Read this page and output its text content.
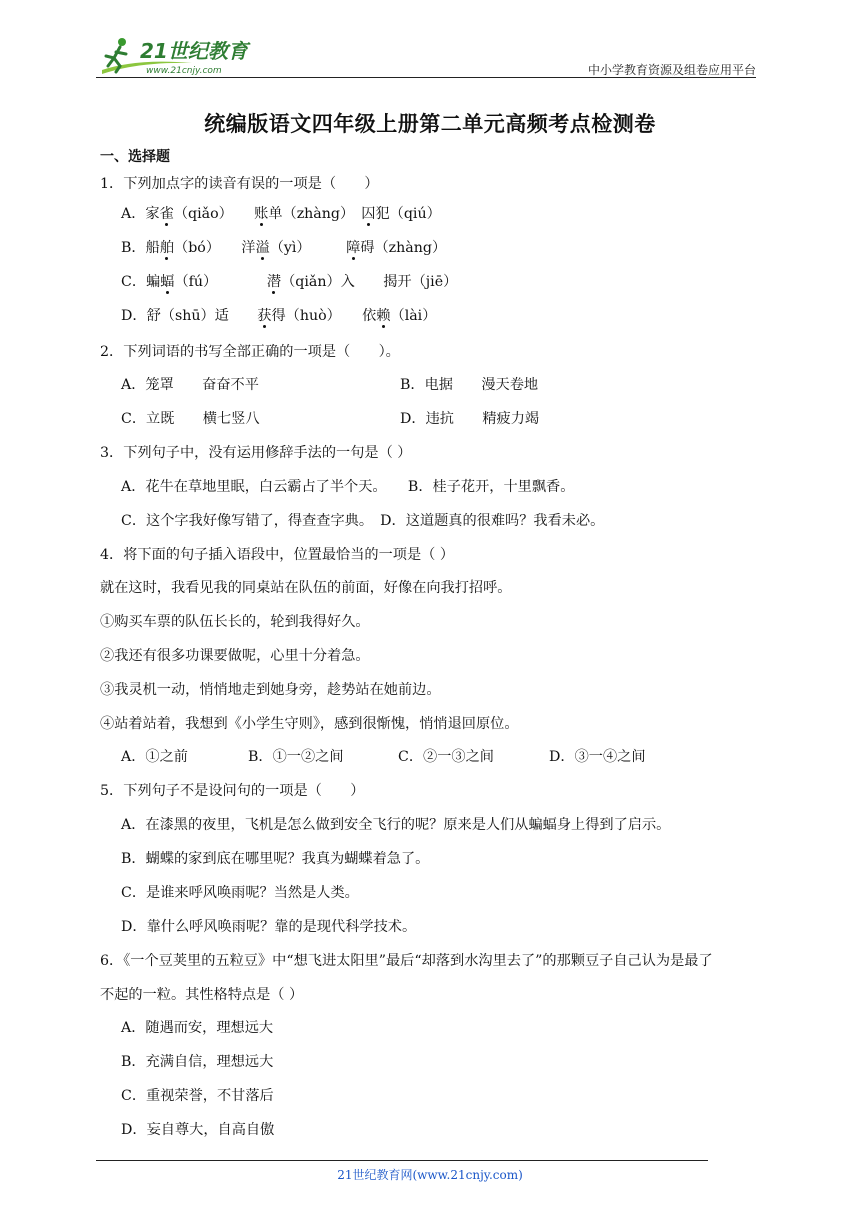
21世纪教育
www.21cnjy.com	中小学教育资源及组卷应用平台
统编版语文四年级上册第二单元高频考点检测卷
一、选择题
1．下列加点字的读音有误的一项是（　　）
A．家雀（qiǎo）　　账单（zhàng）　囚犯（qiú）
B．船舶（bó）　　洋溢（yì）　　　障碍（zhàng）
C．蝙蝠（fú）　　　　潜（qiǎn）入　　揭开（jiē）
D．舒（shū）适　　获得（huò）　　依赖（lài）
2．下列词语的书写全部正确的一项是（　　）。
A．笼罩　　奋奋不平	B．电据　　漫天卷地
C．立既　　横七竖八	D．违抗　　精疲力竭
3．下列句子中，没有运用修辞手法的一句是（ ）
A．花牛在草地里眠，白云霸占了半个天。　　B．桂子花开，十里飘香。
C．这个字我好像写错了，得查查字典。　D．这道题真的很难吗？我看未必。
4．将下面的句子插入语段中，位置最恰当的一项是（ ）
就在这时，我看见我的同桌站在队伍的前面，好像在向我打招呼。
①购买车票的队伍长长的，轮到我得好久。
②我还有很多功课要做呢，心里十分着急。
③我灵机一动，悄悄地走到她身旁，趁势站在她前边。
④站着站着，我想到《小学生守则》，感到很惭愧，悄悄退回原位。
A．①之前	B．①一②之间	C．②一③之间	D．③一④之间
5．下列句子不是设问句的一项是（　　）
A．在漆黑的夜里，飞机是怎么做到安全飞行的呢？原来是人们从蝙蝠身上得到了启示。
B．蝴蝶的家到底在哪里呢？我真为蝴蝶着急了。
C．是谁来呼风唤雨呢？当然是人类。
D．靠什么呼风唤雨呢？靠的是现代科学技术。
6．《一个豆荚里的五粒豆》中“想飞进太阳里”最后“却落到水沟里去了”的那颗豆子自己认为是最了
不起的一粒。其性格特点是（ ）
A．随遇而安，理想远大
B．充满自信，理想远大
C．重视荣誉，不甘落后
D．妄自尊大，自高自傲
21世纪教育网(www.21cnjy.com)
